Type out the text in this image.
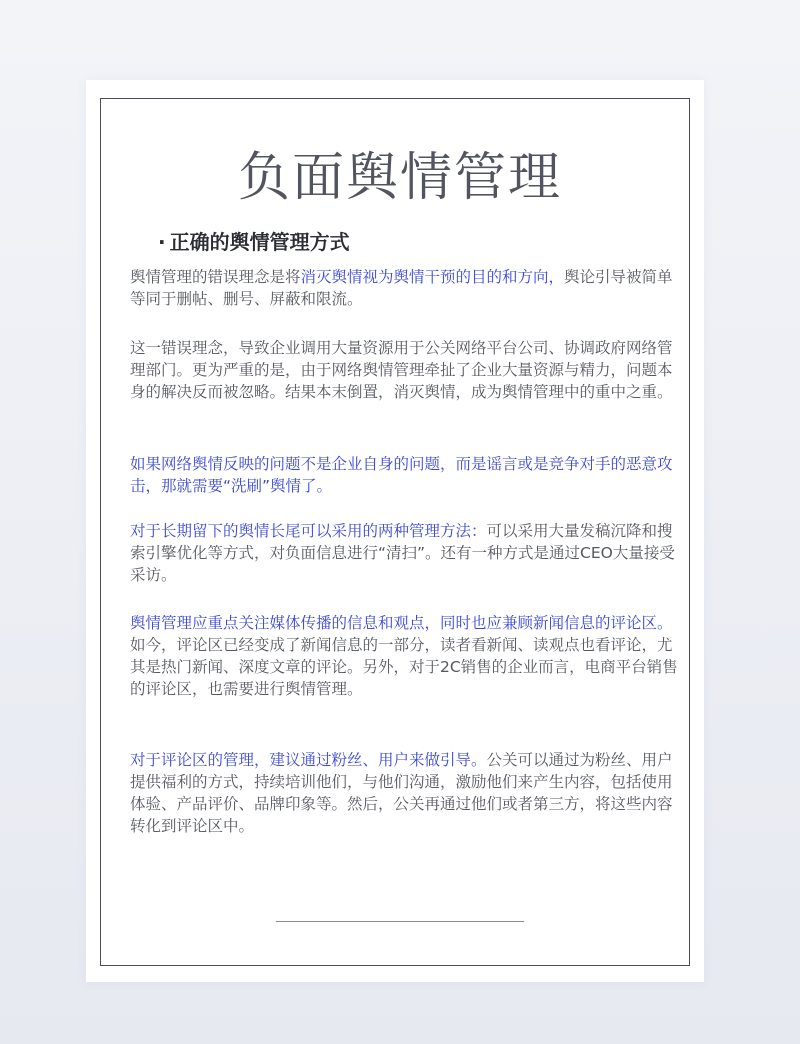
负面舆情管理
· 正确的舆情管理方式

舆情管理的错误理念是将消灭舆情视为舆情干预的目的和方向，舆论引导被简单等同于删帖、删号、屏蔽和限流。

这一错误理念，导致企业调用大量资源用于公关网络平台公司、协调政府网络管理部门。更为严重的是，由于网络舆情管理牵扯了企业大量资源与精力，问题本身的解决反而被忽略。结果本末倒置，消灭舆情，成为舆情管理中的重中之重。

如果网络舆情反映的问题不是企业自身的问题，而是谣言或是竞争对手的恶意攻击，那就需要“洗刷”舆情了。

对于长期留下的舆情长尾可以采用的两种管理方法：可以采用大量发稿沉降和搜索引擎优化等方式，对负面信息进行“清扫”。还有一种方式是通过CEO大量接受采访。

舆情管理应重点关注媒体传播的信息和观点，同时也应兼顾新闻信息的评论区。如今，评论区已经变成了新闻信息的一部分，读者看新闻、读观点也看评论，尤其是热门新闻、深度文章的评论。另外，对于2C销售的企业而言，电商平台销售的评论区，也需要进行舆情管理。

对于评论区的管理，建议通过粉丝、用户来做引导。公关可以通过为粉丝、用户提供福利的方式，持续培训他们，与他们沟通，激励他们来产生内容，包括使用体验、产品评价、品牌印象等。然后，公关再通过他们或者第三方，将这些内容转化到评论区中。
